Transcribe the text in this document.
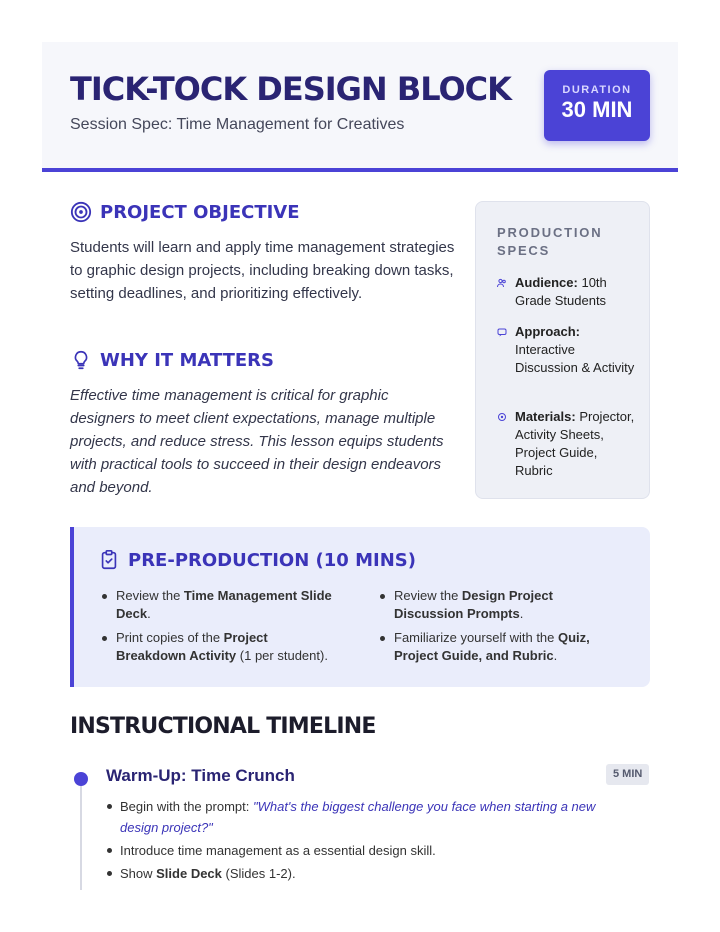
TICK-TOCK DESIGN BLOCK
Session Spec: Time Management for Creatives
DURATION
30 MIN
PROJECT OBJECTIVE

Students will learn and apply time management strategies to graphic design projects, including breaking down tasks, setting deadlines, and prioritizing effectively.

WHY IT MATTERS

Effective time management is critical for graphic designers to meet client expectations, manage multiple projects, and reduce stress. This lesson equips students with practical tools to succeed in their design endeavors and beyond.

PRODUCTION SPECS
Audience: 10th Grade Students
Approach: Interactive Discussion & Activity
Materials: Projector, Activity Sheets, Project Guide, Rubric
PRE-PRODUCTION (10 MINS)
Review the Time Management Slide Deck.
Print copies of the Project Breakdown Activity (1 per student).
Review the Design Project Discussion Prompts.
Familiarize yourself with the Quiz, Project Guide, and Rubric.
INSTRUCTIONAL TIMELINE
Warm-Up: Time Crunch	5 MIN
Begin with the prompt: "What's the biggest challenge you face when starting a new design project?"
Introduce time management as a essential design skill.
Show Slide Deck (Slides 1-2).
